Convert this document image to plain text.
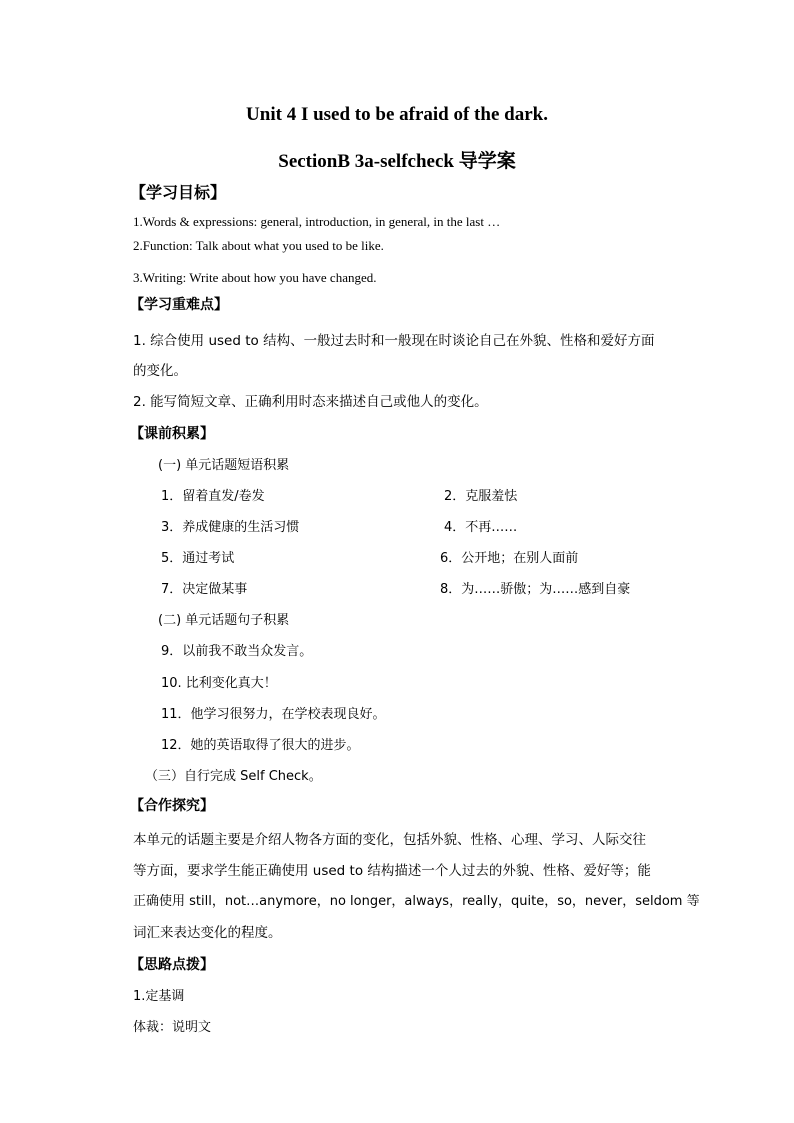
Unit 4 I used to be afraid of the dark.
SectionB 3a-selfcheck 导学案
【学习目标】
1.Words & expressions: general, introduction, in general, in the last …
2.Function: Talk about what you used to be like.
3.Writing: Write about how you have changed.
【学习重难点】
1. 综合使用 used to 结构、一般过去时和一般现在时谈论自己在外貌、性格和爱好方面
的变化。
2. 能写简短文章、正确利用时态来描述自己或他人的变化。
【课前积累】
(一) 单元话题短语积累
1．留着直发/卷发	2．克服羞怯
3．养成健康的生活习惯	4．不再……
5．通过考试	6．公开地；在别人面前
7．决定做某事	8．为……骄傲；为……感到自豪
(二) 单元话题句子积累
9．以前我不敢当众发言。
10. 比利变化真大！
11．他学习很努力，在学校表现良好。
12．她的英语取得了很大的进步。
（三）自行完成 Self Check。
【合作探究】
本单元的话题主要是介绍人物各方面的变化，包括外貌、性格、心理、学习、人际交往
等方面，要求学生能正确使用 used to 结构描述一个人过去的外貌、性格、爱好等；能
正确使用 still，not…anymore，no longer，always，really，quite，so，never，seldom 等
词汇来表达变化的程度。
【思路点拨】
1.定基调
体裁：说明文
